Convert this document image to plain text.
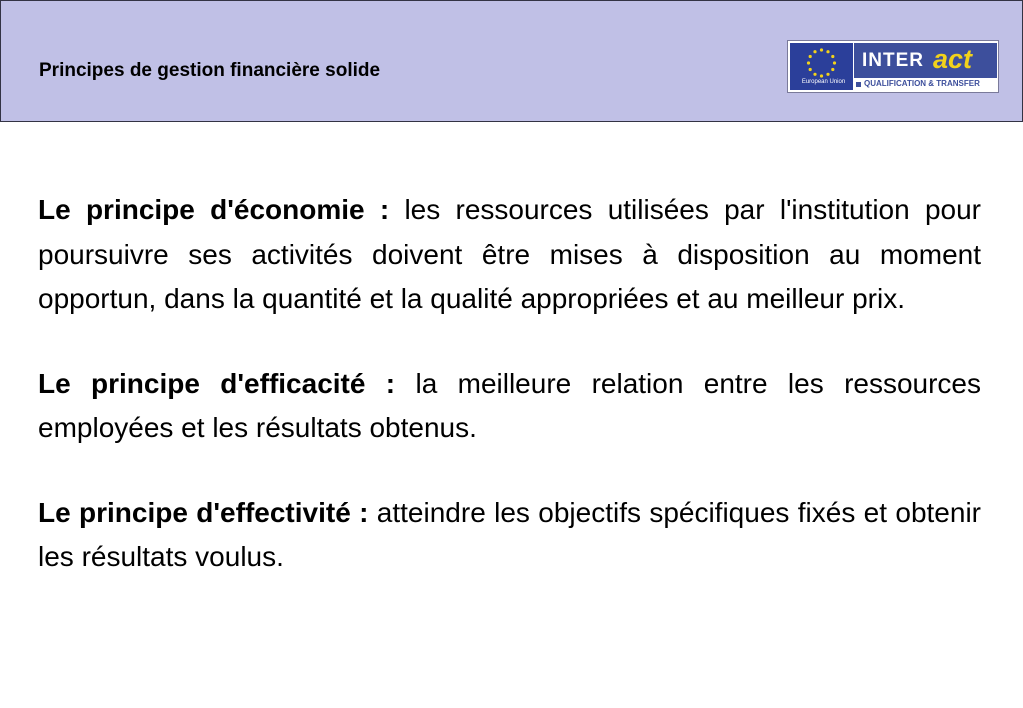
Principes de gestion financière solide
European Union
INTER act
QUALIFICATION & TRANSFER

Le principe d'économie : les ressources utilisées par l'institution pour poursuivre ses activités doivent être mises à disposition au moment opportun, dans la quantité et la qualité appropriées et au meilleur prix.

Le principe d'efficacité : la meilleure relation entre les ressources employées et les résultats obtenus.

Le principe d'effectivité : atteindre les objectifs spécifiques fixés et obtenir les résultats voulus.
